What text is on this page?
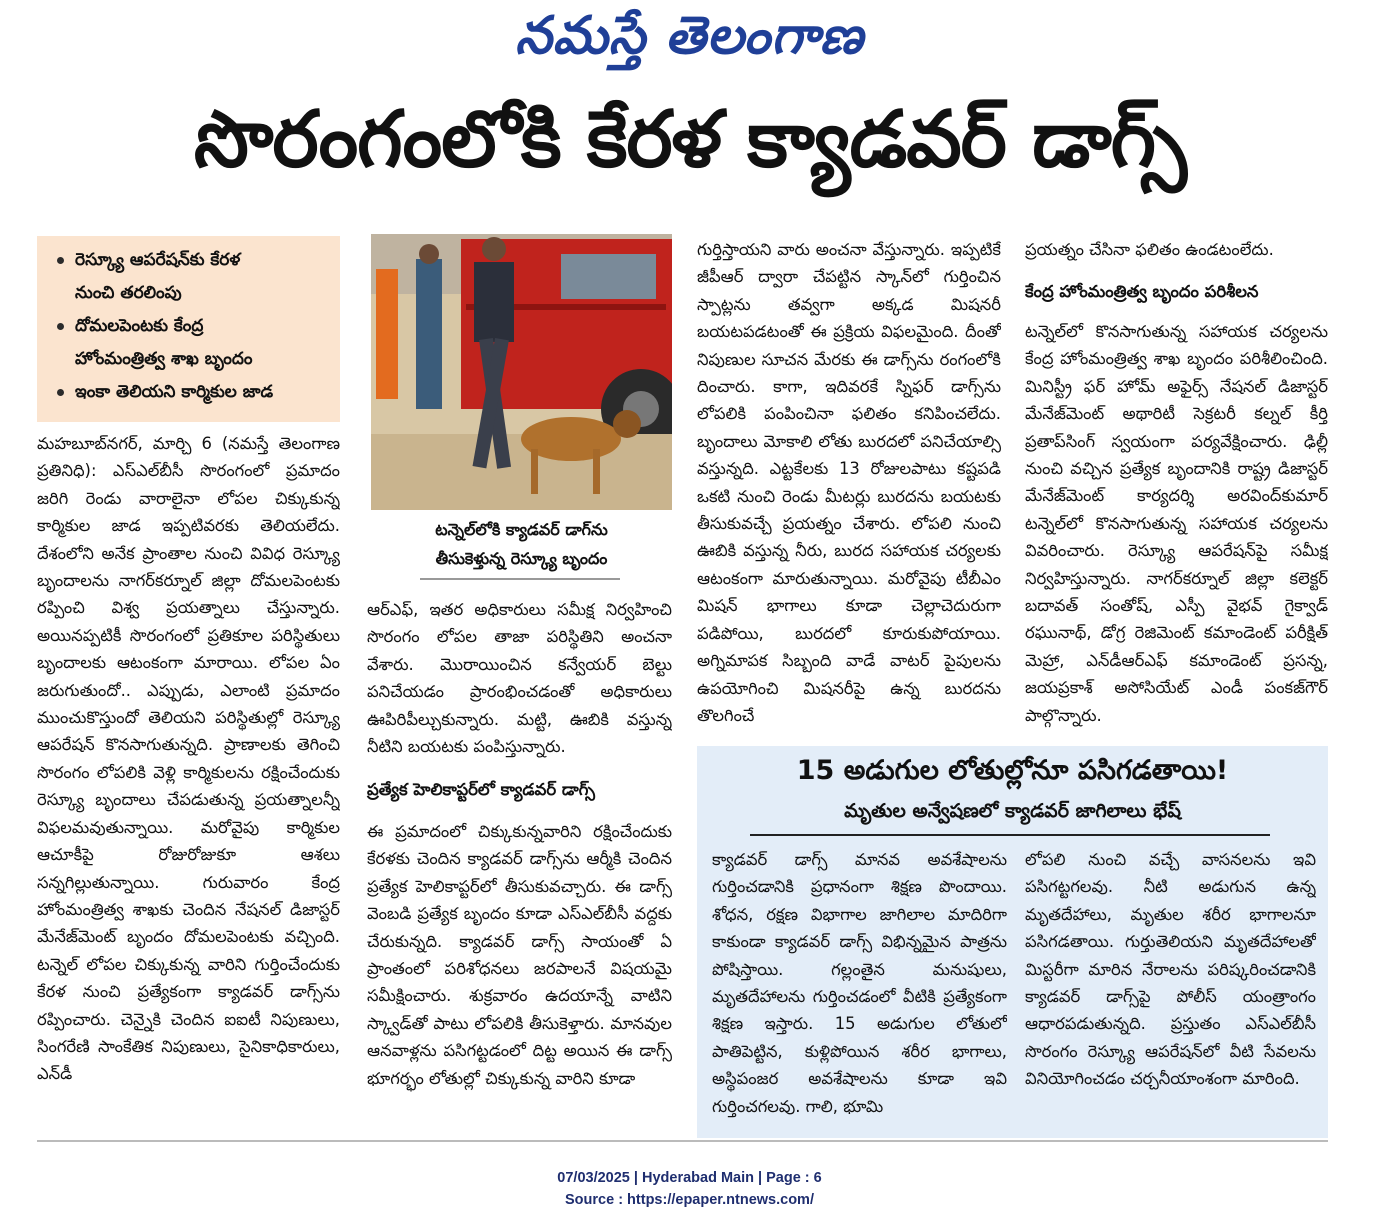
నమస్తే తెలంగాణ
సొరంగంలోకి కేరళ క్యాడవర్ డాగ్స్
రెస్క్యూ ఆపరేషన్‌కు కేరళ
నుంచి తరలింపు
దోమలపెంటకు కేంద్ర
హోంమంత్రిత్వ శాఖ బృందం
ఇంకా తెలియని కార్మికుల జాడ

మహబూబ్‌నగర్, మార్చి 6 (నమస్తే తెలంగాణ ప్రతినిధి): ఎస్‌ఎల్‌బీసీ సొరంగంలో ప్రమాదం జరిగి రెండు వారాలైనా లోపల చిక్కుకున్న కార్మికుల జాడ ఇప్పటివరకు తెలియలేదు. దేశంలోని అనేక ప్రాంతాల నుంచి వివిధ రెస్క్యూ బృందాలను నాగర్‌కర్నూల్ జిల్లా దోమలపెంటకు రప్పించి విశ్వ ప్రయత్నాలు చేస్తున్నారు. అయినప్పటికీ సొరంగంలో ప్రతికూల పరిస్థితులు బృందాలకు ఆటంకంగా మారాయి. లోపల ఏం జరుగుతుందో.. ఎప్పుడు, ఎలాంటి ప్రమాదం ముంచుకొస్తుందో తెలియని పరిస్థితుల్లో రెస్క్యూ ఆపరేషన్ కొనసాగుతున్నది. ప్రాణాలకు తెగించి సొరంగం లోపలికి వెళ్లి కార్మికులను రక్షించేందుకు రెస్క్యూ బృందాలు చేపడుతున్న ప్రయత్నాలన్నీ విఫలమవుతున్నాయి. మరోవైపు కార్మికుల ఆచూకీపై రోజురోజుకూ ఆశలు సన్నగిల్లుతున్నాయి. గురువారం కేంద్ర హోంమంత్రిత్వ శాఖకు చెందిన నేషనల్ డిజాస్టర్ మేనేజ్‌మెంట్ బృందం దోమలపెంటకు వచ్చింది. టన్నెల్ లోపల చిక్కుకున్న వారిని గుర్తించేందుకు కేరళ నుంచి ప్రత్యేకంగా క్యాడవర్ డాగ్స్‌ను రప్పించారు. చెన్నైకి చెందిన ఐఐటీ నిపుణులు, సింగరేణి సాంకేతిక నిపుణులు, సైనికాధికారులు, ఎన్‌డీ

టన్నెల్‌లోకి క్యాడవర్ డాగ్‌ను
తీసుకెళ్తున్న రెస్క్యూ బృందం

ఆర్‌ఎఫ్, ఇతర అధికారులు సమీక్ష నిర్వహించి సొరంగం లోపల తాజా పరిస్థితిని అంచనా వేశారు. మొరాయించిన కన్వేయర్ బెల్టు పనిచేయడం ప్రారంభించడంతో అధికారులు ఊపిరిపీల్చుకున్నారు. మట్టి, ఊబికి వస్తున్న నీటిని బయటకు పంపిస్తున్నారు.

ప్రత్యేక హెలికాప్టర్‌లో క్యాడవర్ డాగ్స్

ఈ ప్రమాదంలో చిక్కుకున్నవారిని రక్షించేందుకు కేరళకు చెందిన క్యాడవర్ డాగ్స్‌ను ఆర్మీకి చెందిన ప్రత్యేక హెలికాప్టర్‌లో తీసుకువచ్చారు. ఈ డాగ్స్ వెంబడి ప్రత్యేక బృందం కూడా ఎస్‌ఎల్‌బీసీ వద్దకు చేరుకున్నది. క్యాడవర్ డాగ్స్ సాయంతో ఏ ప్రాంతంలో పరిశోధనలు జరపాలనే విషయమై సమీక్షించారు. శుక్రవారం ఉదయాన్నే వాటిని స్క్వాడ్‌తో పాటు లోపలికి తీసుకెళ్తారు. మానవుల ఆనవాళ్లను పసిగట్టడంలో దిట్ట అయిన ఈ డాగ్స్ భూగర్భం లోతుల్లో చిక్కుకున్న వారిని కూడా

గుర్తిస్తాయని వారు అంచనా వేస్తున్నారు. ఇప్పటికే జీపీఆర్ ద్వారా చేపట్టిన స్కాన్‌లో గుర్తించిన స్పాట్లను తవ్వగా అక్కడ మిషనరీ బయటపడటంతో ఈ ప్రక్రియ విఫలమైంది. దీంతో నిపుణుల సూచన మేరకు ఈ డాగ్స్‌ను రంగంలోకి దించారు. కాగా, ఇదివరకే స్నిఫర్ డాగ్స్‌ను లోపలికి పంపించినా ఫలితం కనిపించలేదు. బృందాలు మోకాలి లోతు బురదలో పనిచేయాల్సి వస్తున్నది. ఎట్టకేలకు 13 రోజులపాటు కష్టపడి ఒకటి నుంచి రెండు మీటర్లు బురదను బయటకు తీసుకువచ్చే ప్రయత్నం చేశారు. లోపలి నుంచి ఊబికి వస్తున్న నీరు, బురద సహాయక చర్యలకు ఆటంకంగా మారుతున్నాయి. మరోవైపు టీబీఎం మిషన్ భాగాలు కూడా చెల్లాచెదురుగా పడిపోయి, బురదలో కూరుకుపోయాయి. అగ్నిమాపక సిబ్బంది వాడే వాటర్ పైపులను ఉపయోగించి మిషనరీపై ఉన్న బురదను తొలగించే

ప్రయత్నం చేసినా ఫలితం ఉండటంలేదు.

కేంద్ర హోంమంత్రిత్వ బృందం పరిశీలన

టన్నెల్‌లో కొనసాగుతున్న సహాయక చర్యలను కేంద్ర హోంమంత్రిత్వ శాఖ బృందం పరిశీలించింది. మినిస్ట్రీ ఫర్ హోమ్ అఫైర్స్ నేషనల్ డిజాస్టర్ మేనేజ్‌మెంట్ అథారిటీ సెక్రటరీ కల్నల్ కీర్తి ప్రతాప్‌సింగ్ స్వయంగా పర్యవేక్షించారు. ఢిల్లీ నుంచి వచ్చిన ప్రత్యేక బృందానికి రాష్ట్ర డిజాస్టర్ మేనేజ్‌మెంట్ కార్యదర్శి అరవింద్‌కుమార్ టన్నెల్‌లో కొనసాగుతున్న సహాయక చర్యలను వివరించారు. రెస్క్యూ ఆపరేషన్‌పై సమీక్ష నిర్వహిస్తున్నారు. నాగర్‌కర్నూల్ జిల్లా కలెక్టర్ బదావత్ సంతోష్, ఎస్పీ వైభవ్ గైక్వాడ్ రఘునాథ్, డోగ్ర రెజిమెంట్ కమాండెంట్ పరీక్షిత్ మెహ్రా, ఎన్‌డీఆర్‌ఎఫ్ కమాండెంట్ ప్రసన్న, జయప్రకాశ్ అసోసియేట్ ఎండీ పంకజ్‌గౌర్ పాల్గొన్నారు.

15 అడుగుల లోతుల్లోనూ పసిగడతాయి!
మృతుల అన్వేషణలో క్యాడవర్ జాగిలాలు భేష్

క్యాడవర్ డాగ్స్ మానవ అవశేషాలను గుర్తించడానికి ప్రధానంగా శిక్షణ పొందాయి. శోధన, రక్షణ విభాగాల జాగిలాల మాదిరిగా కాకుండా క్యాడవర్ డాగ్స్ విభిన్నమైన పాత్రను పోషిస్తాయి. గల్లంతైన మనుషులు, మృతదేహాలను గుర్తించడంలో వీటికి ప్రత్యేకంగా శిక్షణ ఇస్తారు. 15 అడుగుల లోతులో పాతిపెట్టిన, కుళ్లిపోయిన శరీర భాగాలు, అస్థిపంజర అవశేషాలను కూడా ఇవి గుర్తించగలవు. గాలి, భూమి

లోపలి నుంచి వచ్చే వాసనలను ఇవి పసిగట్టగలవు. నీటి అడుగున ఉన్న మృతదేహాలు, మృతుల శరీర భాగాలనూ పసిగడతాయి. గుర్తుతెలియని మృతదేహాలతో మిస్టరీగా మారిన నేరాలను పరిష్కరించడానికి క్యాడవర్ డాగ్స్‌పై పోలీస్ యంత్రాంగం ఆధారపడుతున్నది. ప్రస్తుతం ఎస్‌ఎల్‌బీసీ సొరంగం రెస్క్యూ ఆపరేషన్‌లో వీటి సేవలను వినియోగించడం చర్చనీయాంశంగా మారింది.

07/03/2025 | Hyderabad Main | Page : 6
Source : https://epaper.ntnews.com/
